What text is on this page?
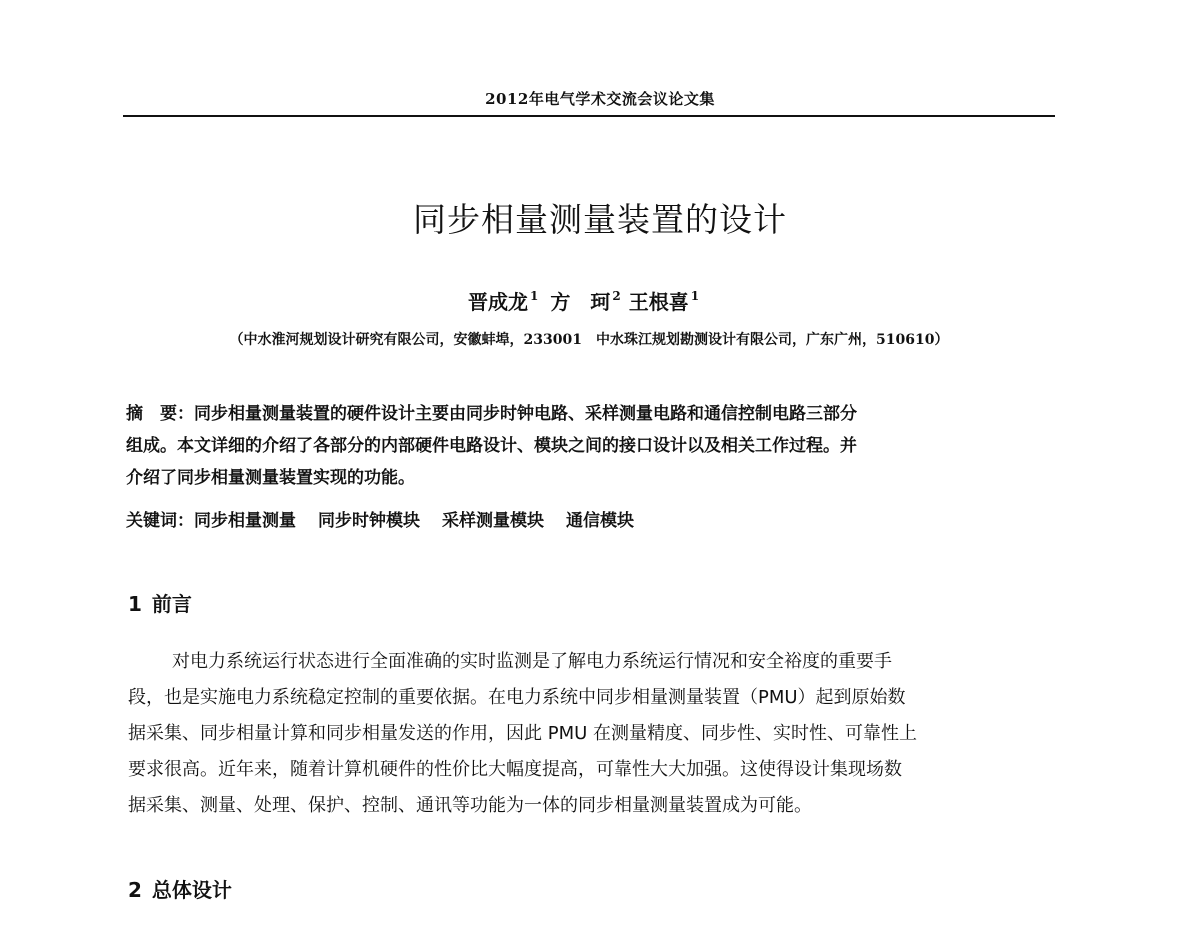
2012年电气学术交流会议论文集
同步相量测量装置的设计
晋成龙 $^1$ 方　珂 $^2$ 王根喜 $^1$
（中水淮河规划设计研究有限公司，安徽蚌埠，233001　中水珠江规划勘测设计有限公司，广东广州，510610）
摘　要：同步相量测量装置的硬件设计主要由同步时钟电路、采样测量电路和通信控制电路三部分
组成。本文详细的介绍了各部分的内部硬件电路设计、模块之间的接口设计以及相关工作过程。并
介绍了同步相量测量装置实现的功能。
关键词：同步相量测量 同步时钟模块 采样测量模块 通信模块
1 前言
对电力系统运行状态进行全面准确的实时监测是了解电力系统运行情况和安全裕度的重要手
段，也是实施电力系统稳定控制的重要依据。在电力系统中同步相量测量装置（PMU）起到原始数
据采集、同步相量计算和同步相量发送的作用，因此 PMU 在测量精度、同步性、实时性、可靠性上
要求很高。近年来，随着计算机硬件的性价比大幅度提高，可靠性大大加强。这使得设计集现场数
据采集、测量、处理、保护、控制、通讯等功能为一体的同步相量测量装置成为可能。
2 总体设计
